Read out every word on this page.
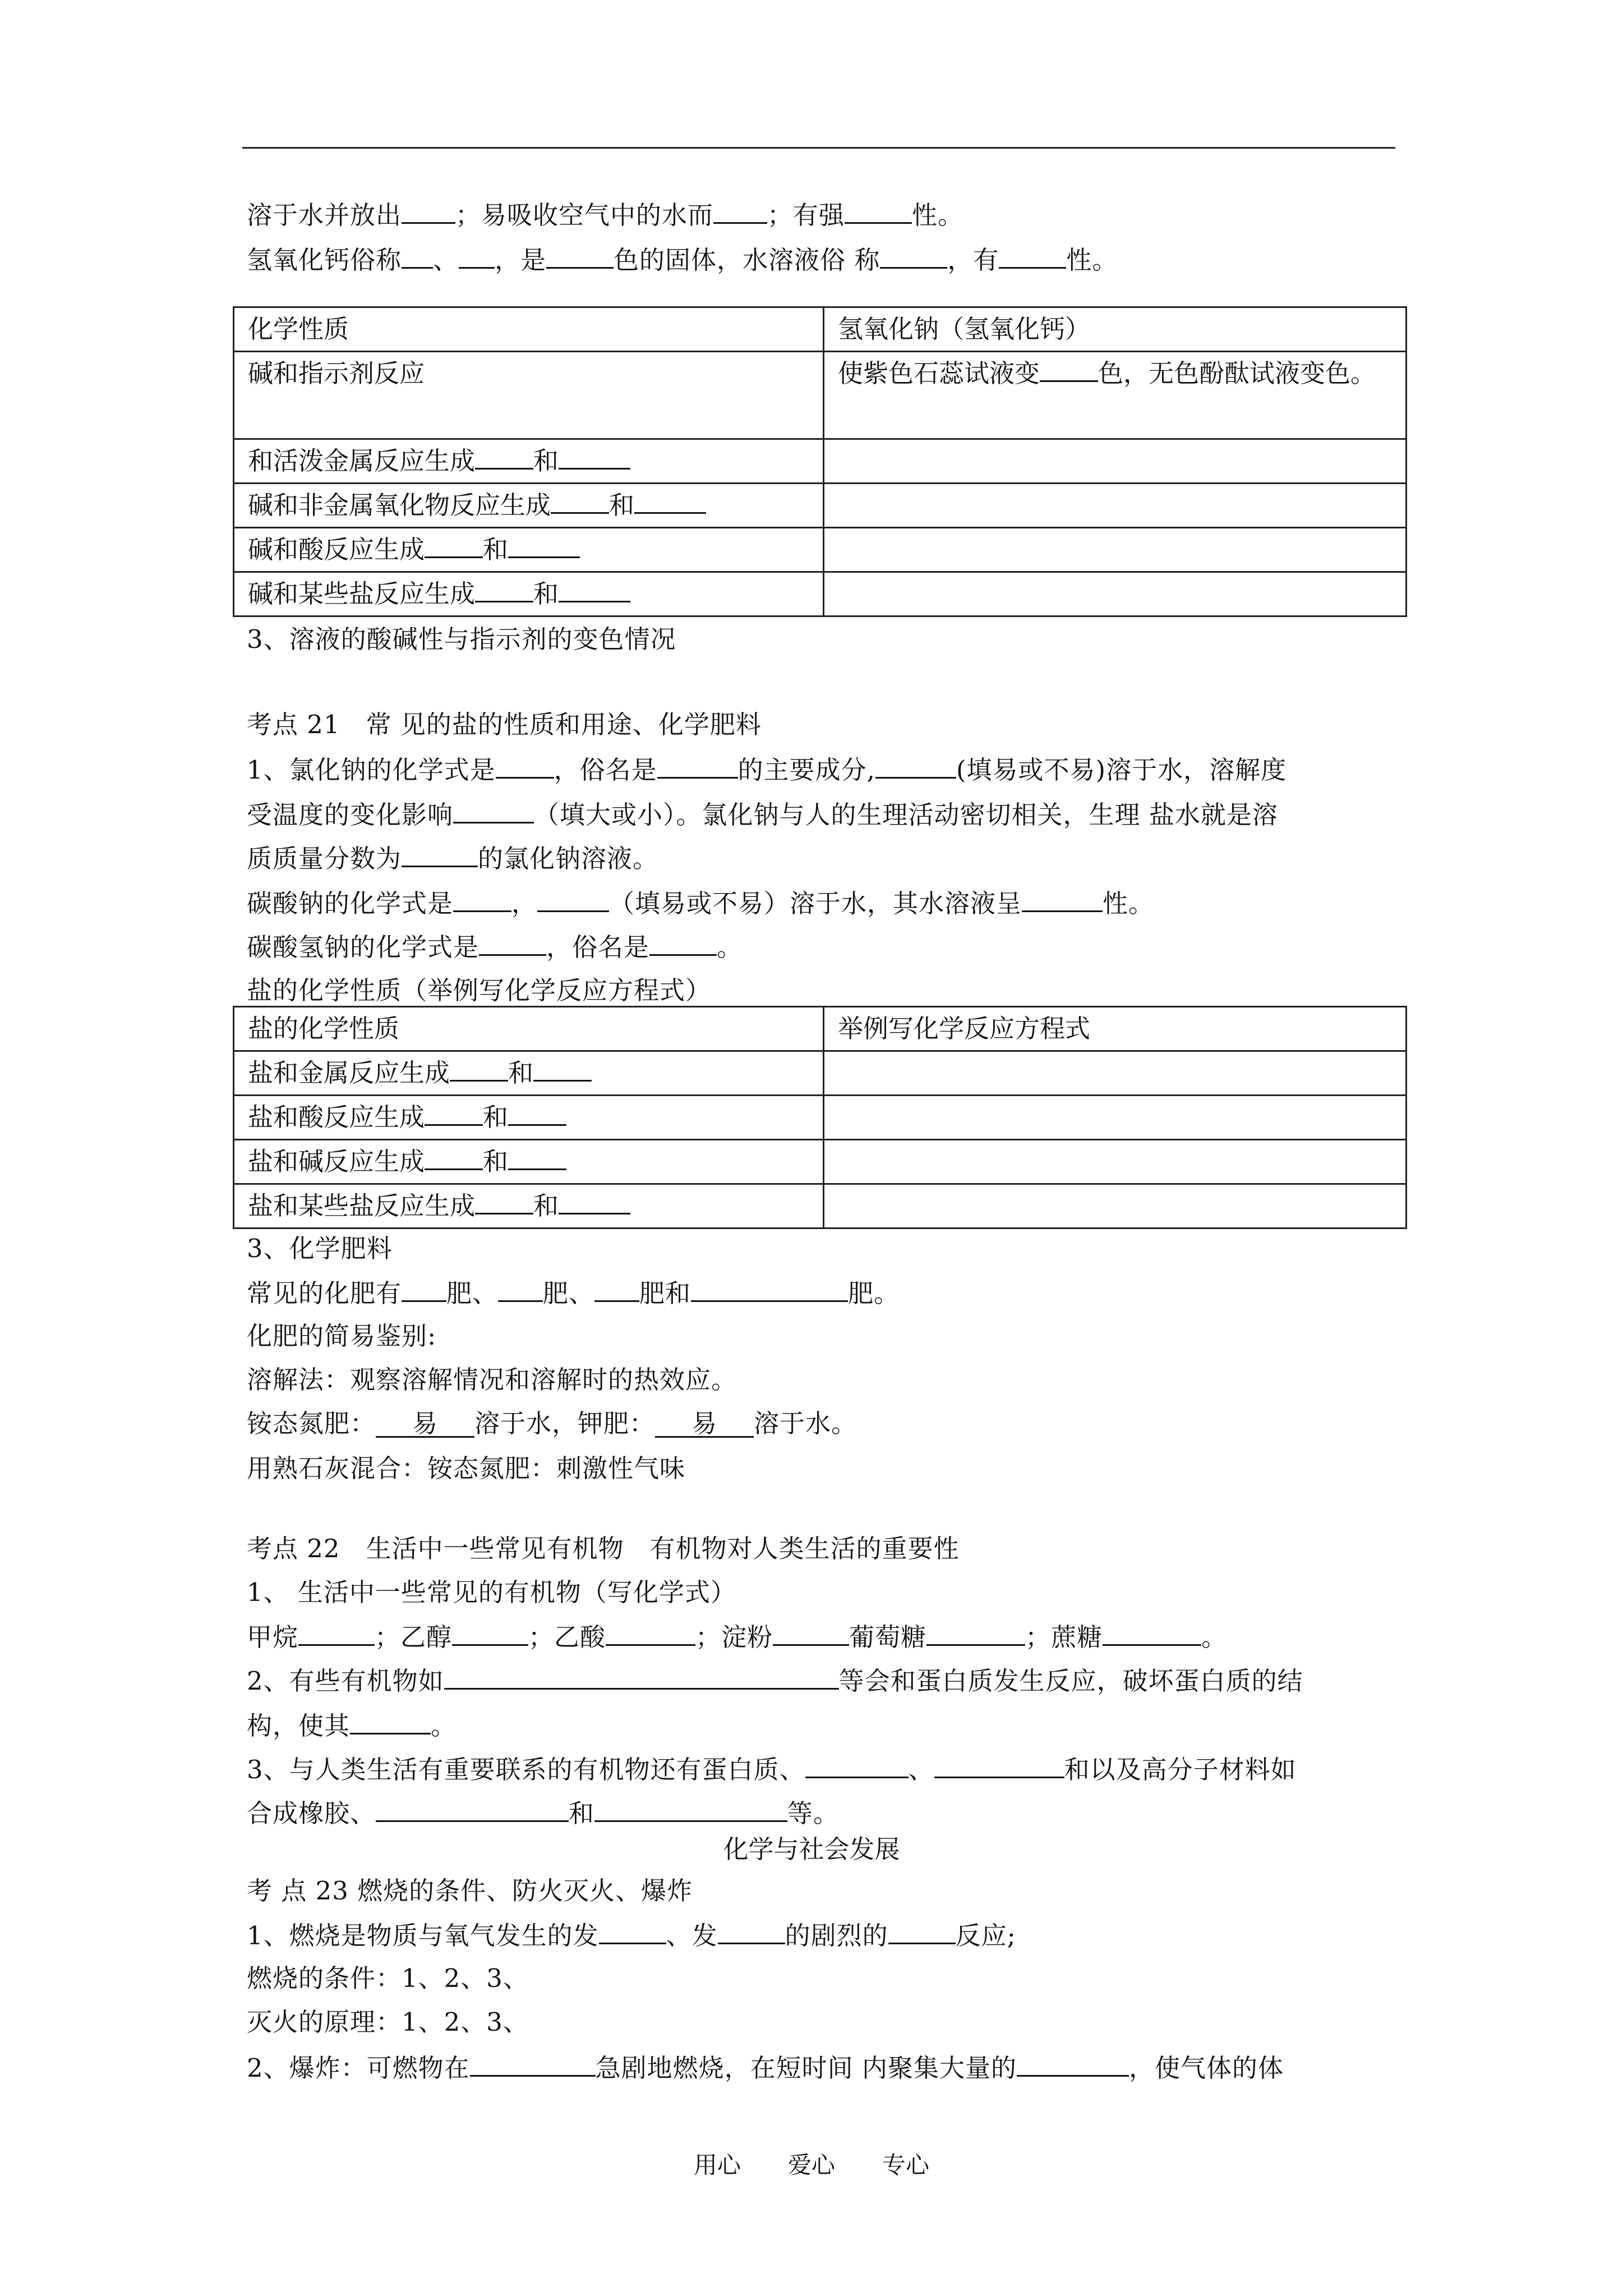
溶于水并放出 ；易吸收空气中的水而 ；有强	性。
氢氧化钙俗称 、 ，是	色的固体，水溶液俗 称	，有	性。
化学性质	氢氧化钠（氢氧化钙）
碱和指示剂反应	使紫色石蕊试液变 色，无色酚酞试液变色。
和活泼金属反应生成 和	
碱和非金属氧化物反应生成 和	
碱和酸反应生成 和	
碱和某些盐反应生成 和	
3、溶液的酸碱性与指示剂的变色情况
考点 21　常 见的盐的性质和用途、化学肥料
1、氯化钠的化学式是 ，俗名是	的主要成分,	(填易或不易)溶于水，溶解度
受温度的变化影响	（填大或小）。氯化钠与人的生理活动密切相关，生理 盐水就是溶
质质量分数为	的氯化钠溶液。
碳酸钠的化学式是 ，	（填易或不易）溶于水，其水溶液呈	性。
碳酸氢钠的化学式是	，俗名是	。
盐的化学性质（举例写化学反应方程式）
盐的化学性质	举例写化学反应方程式
盐和金属反应生成 和	
盐和酸反应生成 和	
盐和碱反应生成 和	
盐和某些盐反应生成 和	
3、化学肥料
常见的化肥有 肥、 肥、 肥和	肥。
化肥的简易鉴别:
溶解法：观察溶解情况和溶解时的热效应。
铵态氮肥： 易 溶于水，钾肥： 易 溶于水。
用熟石灰混合：铵态氮肥：刺激性气味
考点 22　生活中一些常见有机物　有机物对人类生活的重要性
1、 生活中一些常见的有机物（写化学式）
甲烷	；乙醇	；乙酸	；淀粉	葡萄糖	；蔗糖	。
2、有些有机物如	等会和蛋白质发生反应，破坏蛋白质的结
构，使其	。
3、与人类生活有重要联系的有机物还有蛋白质、	、	和以及高分子材料如
合成橡胶、	和	等。
化学与社会发展
考 点 23 燃烧的条件、防火灭火、爆炸
1、燃烧是物质与氧气发生的发	、发	的剧烈的	反应;
燃烧的条件：1、2、3、
灭火的原理：1、2、3、
2、爆炸：可燃物在	急剧地燃烧，在短时间 内聚集大量的	，使气体的体
用心 爱心 专心
